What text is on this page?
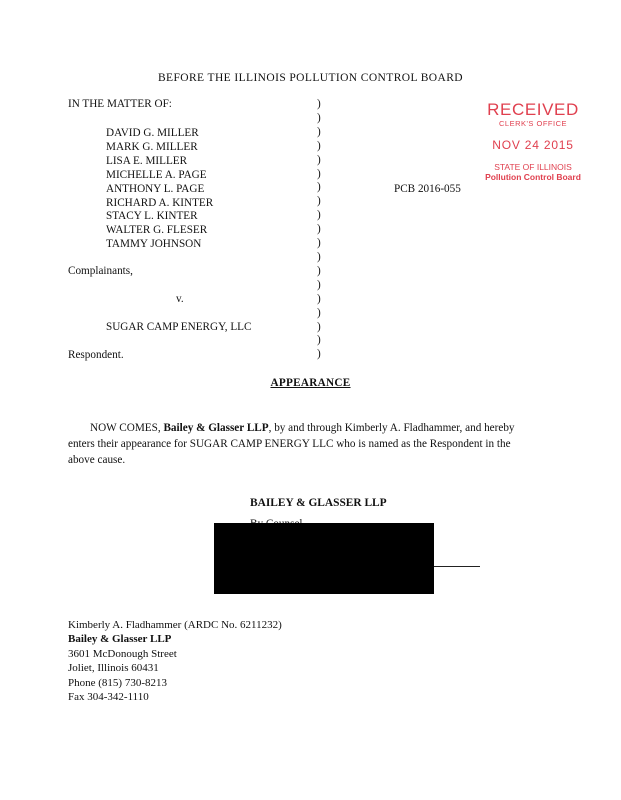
BEFORE THE ILLINOIS POLLUTION CONTROL BOARD
IN THE MATTER OF:
DAVID G. MILLER
MARK G. MILLER
LISA E. MILLER
MICHELLE A. PAGE
ANTHONY L. PAGE
RICHARD A. KINTER
STACY L. KINTER
WALTER G. FLESER
TAMMY JOHNSON
)
)
)
)
)
)
)
)
)
)
)
)
)
)
)
)
)
)
)
Complainants,
v.
SUGAR CAMP ENERGY, LLC
Respondent.
PCB 2016-055
RECEIVED
CLERK'S OFFICE
NOV 24 2015
STATE OF ILLINOIS
Pollution Control Board
APPEARANCE
NOW COMES, Bailey & Glasser LLP, by and through Kimberly A. Fladhammer, and hereby enters their appearance for SUGAR CAMP ENERGY LLC who is named as the Respondent in the above cause.
BAILEY & GLASSER LLP
Kimberly A. Fladhammer (ARDC No. 6211232)
Bailey & Glasser LLP
3601 McDonough Street
Joliet, Illinois 60431
Phone (815) 730-8213
Fax 304-342-1110
